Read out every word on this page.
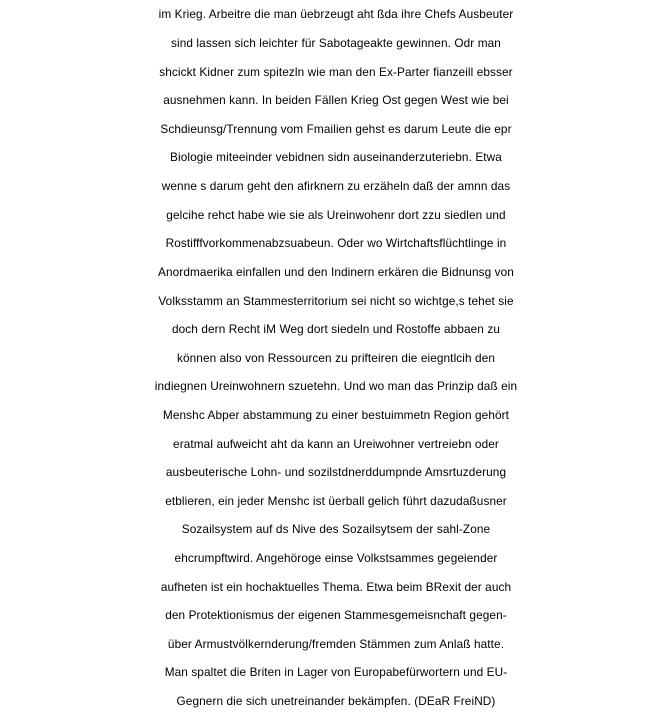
im Krieg. Arbeitre die man üebrzeugt aht ßda ihre Chefs Ausbeuter
sind lassen sich leichter für Sabotageakte gewinnen. Odr man
shcickt Kidner zum spitezln wie man den Ex-Parter fianzeill ebsser
ausnehmen kann. In beiden Fällen Krieg Ost gegen West wie bei
Schdieunsg/Trennung vom Fmailien gehst es darum Leute die epr
Biologie miteeinder vebidnen sidn auseinanderzuteriebn. Etwa
wenne s darum geht den afirknern zu erzäheln daß der amnn das
gelcihe rehct habe wie sie als Ureinwohenr dort zzu siedlen und
Rostifffvorkommenabzsuabeun. Oder wo Wirtchaftsflüchtlinge in
Anordmaerika einfallen und den Indinern erkären die Bidnunsg von
Volksstamm an Stammesterritorium sei nicht so wichtge,s tehet sie
doch dern Recht iM Weg dort siedeln und Rostoffe abbaen zu
können also von Ressourcen zu prifteiren die eiegntlcih den
indiegnen Ureinwohnern szuetehn. Und wo man das Prinzip daß ein
Menshc Abper abstammung zu einer bestuimmetn Region gehört
eratmal aufweicht aht da kann an Ureiwohner vertreiebn oder
ausbeuterische Lohn- und sozilstdnerddumpnde Amsrtuzderung
etblieren, ein jeder Menshc ist üerball gelich führt dazudaßusner
Sozailsystem auf ds Nive des Sozailsytsem der sahl-Zone
ehcrumpftwird. Angehöroge einse Volkstsammes gegeiender
aufheten ist ein hochaktuelles Thema. Etwa beim BRexit der auch
den Protektionismus der eigenen Stammesgemeisnchaft gegen-
über Armustvölkernderung/fremden Stämmen zum Anlaß hatte.
Man spaltet die Briten in Lager von Europabefürwortern und EU-
Gegnern die sich unetreinander bekämpfen. (DEaR FreiND)
